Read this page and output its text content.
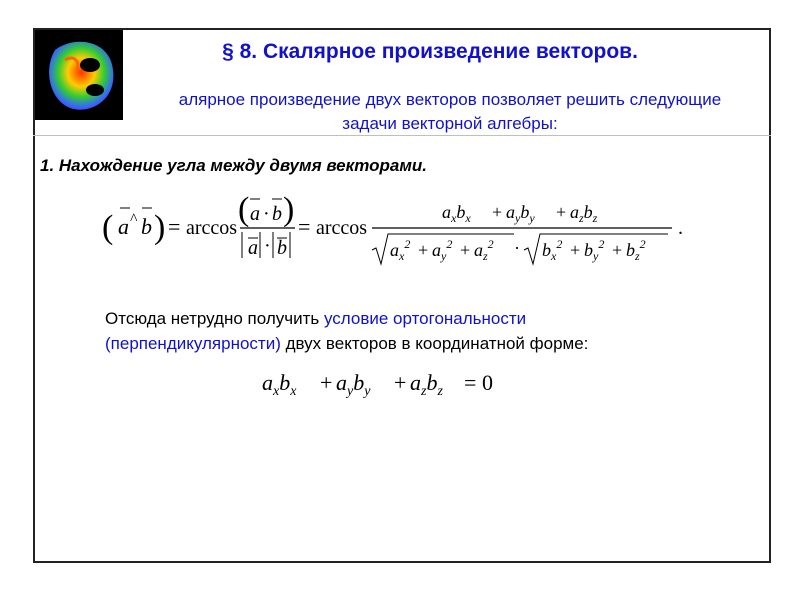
§ 8. Скалярное произведение векторов.
алярное произведение двух векторов позволяет решить следующие
задачи векторной алгебры:
1. Нахождение угла между двумя векторами.
( a ^ b ) = arccos ( a · b )
a · b
= arccos
$a_xb_x + a_yb_y + a_zb_z$
$a_x^2 + a_y^2 + a_z^2 \cdot b_x^2 + b_y^2 + b_z^2$
.
Отсюда нетрудно получить условие ортогональности
(перпендикулярности) двух векторов в координатной форме:
$a_xb_x + a_yb_y + a_zb_z = 0$
